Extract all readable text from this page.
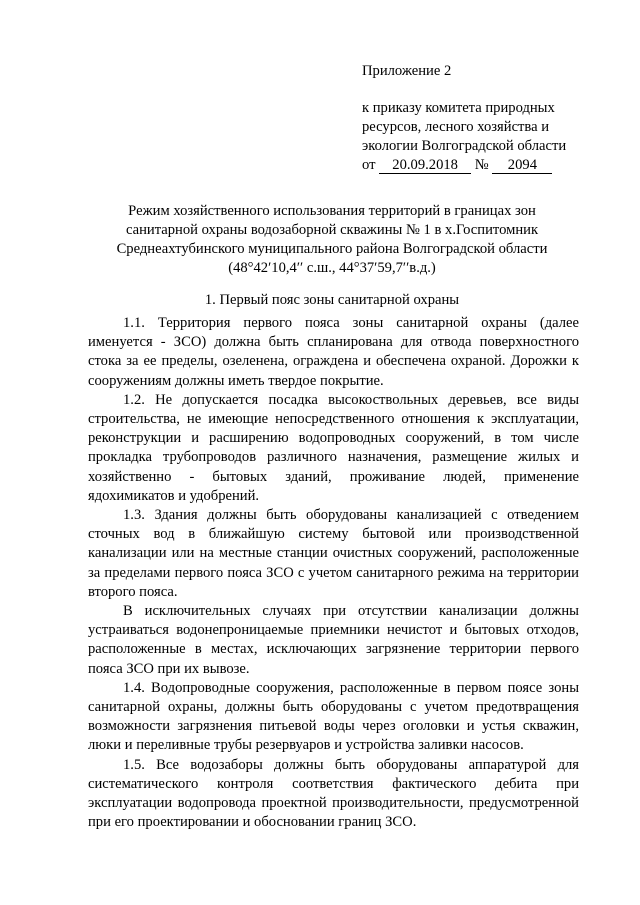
Приложение 2
к приказу комитета природных
ресурсов, лесного хозяйства и
экологии Волгоградской области
от 20.09.2018 № 2094
Режим хозяйственного использования территорий в границах зон
санитарной охраны водозаборной скважины № 1 в х.Госпитомник
Среднеахтубинского муниципального района Волгоградской области
(48°42′10,4′′ с.ш., 44°37′59,7′′в.д.)
1. Первый пояс зоны санитарной охраны

1.1. Территория первого пояса зоны санитарной охраны (далее именуется - ЗСО) должна быть спланирована для отвода поверхностного стока за ее пределы, озеленена, ограждена и обеспечена охраной. Дорожки к сооружениям должны иметь твердое покрытие.

1.2. Не допускается посадка высокоствольных деревьев, все виды строительства, не имеющие непосредственного отношения к эксплуатации, реконструкции и расширению водопроводных сооружений, в том числе прокладка трубопроводов различного назначения, размещение жилых и хозяйственно - бытовых зданий, проживание людей, применение ядохимикатов и удобрений.

1.3. Здания должны быть оборудованы канализацией с отведением сточных вод в ближайшую систему бытовой или производственной канализации или на местные станции очистных сооружений, расположенные за пределами первого пояса ЗСО с учетом санитарного режима на территории второго пояса.

В исключительных случаях при отсутствии канализации должны устраиваться водонепроницаемые приемники нечистот и бытовых отходов, расположенные в местах, исключающих загрязнение территории первого пояса ЗСО при их вывозе.

1.4. Водопроводные сооружения, расположенные в первом поясе зоны санитарной охраны, должны быть оборудованы с учетом предотвращения возможности загрязнения питьевой воды через оголовки и устья скважин, люки и переливные трубы резервуаров и устройства заливки насосов.

1.5. Все водозаборы должны быть оборудованы аппаратурой для систематического контроля соответствия фактического дебита при эксплуатации водопровода проектной производительности, предусмотренной при его проектировании и обосновании границ ЗСО.
